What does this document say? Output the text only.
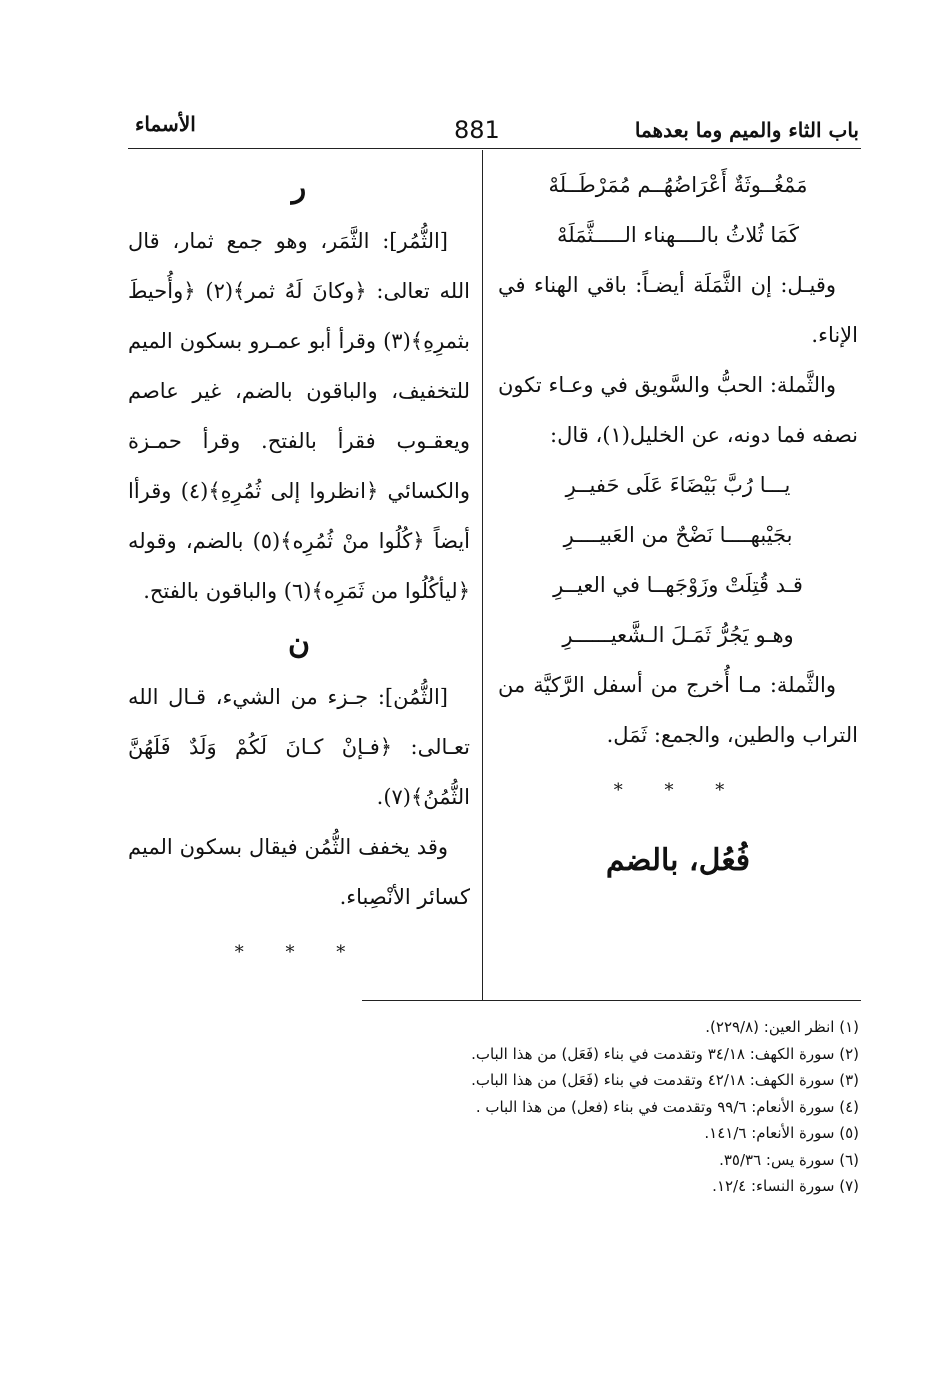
باب الثاء والميم وما بعدهما
881
الأسماء

مَمْغُــوثَةٌ أَعْرَاضُهُــم مُمَرْطَــلَهْ

كَمَا ثُلاثُ بالــــهناء الـــــثَّمَلَهْ

وقيـل: إن الثَّمَلَة أيضـاً: باقي الهناء في الإناء.

والثَّملة: الحبُّ والسَّويق في وعـاء تكون نصفه فما دونه، عن الخليل(١)، قال:

يـــا رُبَّ بَيْضَاءَ عَلَى حَفيــرِ

بجَيْبهــــا نَضْحٌ من العَبيــــرِ

قـد قُتِلَتْ وزَوْجَهــا في العيــرِ

وهـو يَجُرُّ ثَمَـلَ الـشَّعيــــــرِ

والثَّملة: مـا أُخرج من أسفل الرَّكيَّة من التراب والطين، والجمع: ثَمَل.

* * *

فُعُل، بالضم

ر

[الثُّمُر]: الثَّمَر، وهو جمع ثمار، قال الله تعالى: ﴿وكانَ لَهُ ثمر﴾(٢) ﴿وأُحيطَ بثمرِهِ﴾(٣) وقرأ أبو عمـرو بسكون الميم للتخفيف، والباقون بالضم، غير عاصم ويعقـوب فقرأ بالفتح. وقرأ حمـزة والكسائي ﴿انظروا إلى ثُمُرِهِ﴾(٤) وقرأا أيضاً ﴿كُلُوا منْ ثُمُرِه﴾(٥) بالضم، وقوله ﴿ليأكُلُوا من ثَمَرِه﴾(٦) والباقون بالفتح.

ن

[الثُّمُن]: جـزء من الشيء، قـال الله تعـالى: ﴿فـإنْ كـانَ لَكُمْ وَلَدٌ فَلَهُنَّ الثُّمُنُ﴾(٧).

وقد يخفف الثُّمُن فيقال بسكون الميم كسائر الأنْصِباء.

* * *

(١) انظر العين: (٢٢٩/٨).
(٢) سورة الكهف: ٣٤/١٨ وتقدمت في بناء (فَعَل) من هذا الباب.
(٣) سورة الكهف: ٤٢/١٨ وتقدمت في بناء (فَعَل) من هذا الباب.
(٤) سورة الأنعام: ٩٩/٦ وتقدمت في بناء (فعل) من هذا الباب .
(٥) سورة الأنعام: ١٤١/٦.
(٦) سورة يس: ٣٥/٣٦.
(٧) سورة النساء: ١٢/٤.
